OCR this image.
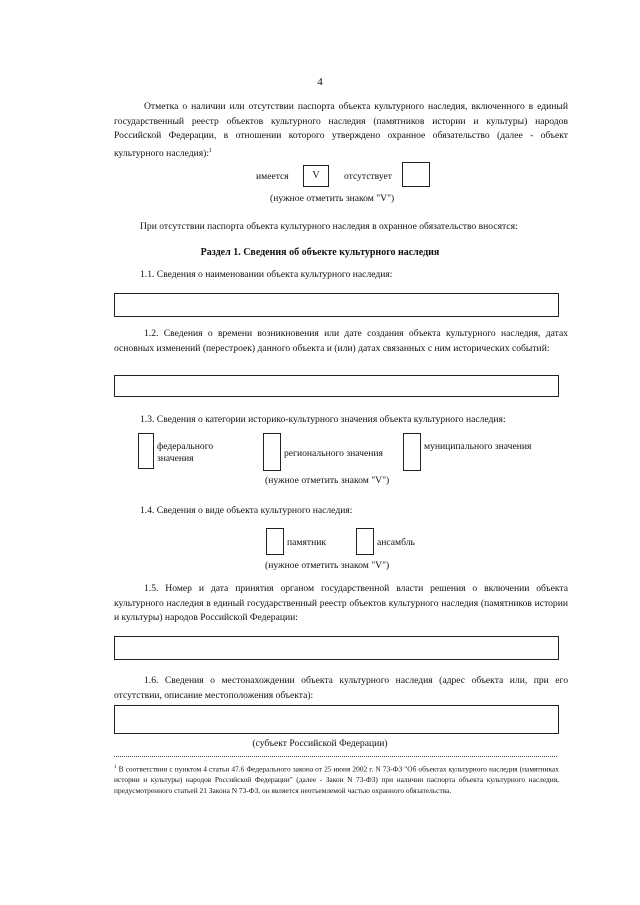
4
Отметка о наличии или отсутствии паспорта объекта культурного наследия, включенного в единый государственный реестр объектов культурного наследия (памятников истории и культуры) народов Российской Федерации, в отношении которого утверждено охранное обязательство (далее - объект культурного наследия):$^1$
имеется	V	отсутствует
(нужное отметить знаком "V")
При отсутствии паспорта объекта культурного наследия в охранное обязательство вносятся:
Раздел 1. Сведения об объекте культурного наследия
1.1. Сведения о наименовании объекта культурного наследия:
1.2. Сведения о времени возникновения или дате создания объекта культурного наследия, датах основных изменений (перестроек) данного объекта и (или) датах связанных с ним исторических событий:
1.3. Сведения о категории историко-культурного значения объекта культурного наследия:
федерального значения	регионального значения
муниципального значения
(нужное отметить знаком "V")
1.4. Сведения о виде объекта культурного наследия:
памятник	ансамбль
(нужное отметить знаком "V")
1.5. Номер и дата принятия органом государственной власти решения о включении объекта культурного наследия в единый государственный реестр объектов культурного наследия (памятников истории и культуры) народов Российской Федерации:
1.6. Сведения о местонахождении объекта культурного наследия (адрес объекта или, при его отсутствии, описание местоположения объекта):
(субъект Российской Федерации)
$^1$ В соответствии с пунктом 4 статьи 47.6 Федерального закона от 25 июня 2002 г. N 73-ФЗ "Об объектах культурного наследия (памятниках истории и культуры) народов Российской Федерации" (далее - Закон N 73-ФЗ) при наличии паспорта объекта культурного наследия, предусмотренного статьей 21 Закона N 73-ФЗ, он является неотъемлемой частью охранного обязательства.
